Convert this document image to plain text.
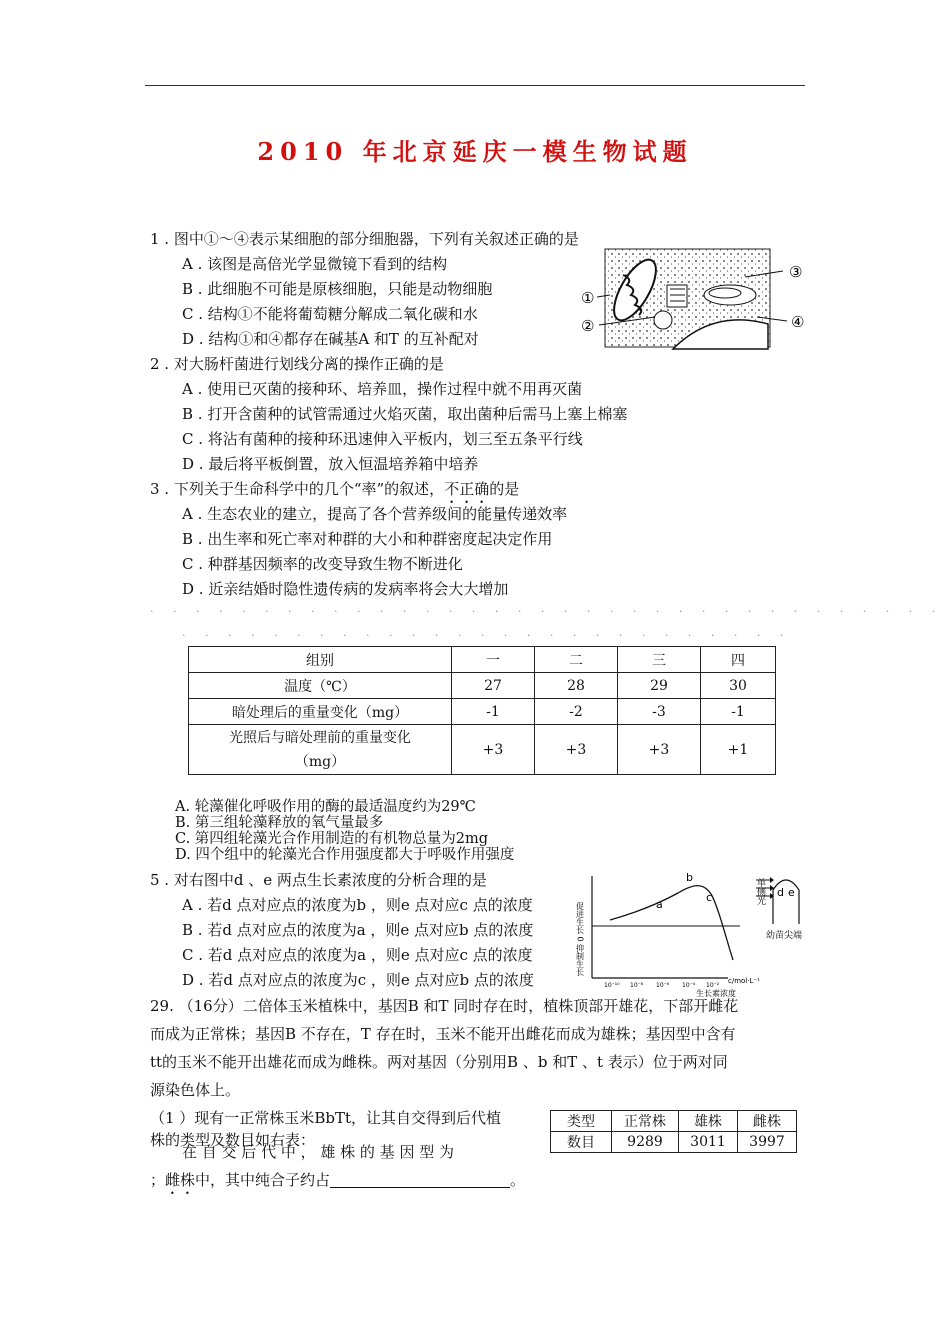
2010 年北京延庆一模生物试题
1 . 图中①～④表示某细胞的部分细胞器，下列有关叙述正确的是
A . 该图是高倍光学显微镜下看到的结构
B . 此细胞不可能是原核细胞，只能是动物细胞
C . 结构①不能将葡萄糖分解成二氧化碳和水
D . 结构①和④都存在碱基A 和T 的互补配对
①
②
③
④
2 . 对大肠杆菌进行划线分离的操作正确的是
A . 使用已灭菌的接种环、培养皿，操作过程中就不用再灭菌
B . 打开含菌种的试管需通过火焰灭菌，取出菌种后需马上塞上棉塞
C . 将沾有菌种的接种环迅速伸入平板内，划三至五条平行线
D . 最后将平板倒置，放入恒温培养箱中培养
3 . 下列关于生命科学中的几个“率”的叙述，不正确的是
A . 生态农业的建立，提高了各个营养级间的能量传递效率
B . 出生率和死亡率对种群的大小和种群密度起决定作用
C . 种群基因频率的改变导致生物不断进化
D . 近亲结婚时隐性遗传病的发病率将会大大增加
. . . . . . . . . . . . . . . . . . . . . . . . . . . . . . . . . . .
. . . . . . . . . . . . . . . . . . . . . . . . . . .
组别	一	二	三	四
温度（℃）	27	28	29	30
暗处理后的重量变化（mg）	-1	-2	-3	-1
光照后与暗处理前的重量变化（mg）	+3	+3	+3	+1
A. 轮藻催化呼吸作用的酶的最适温度约为29℃
B. 第三组轮藻释放的氧气量最多
C. 第四组轮藻光合作用制造的有机物总量为2mg
D. 四个组中的轮藻光合作用强度都大于呼吸作用强度
5 . 对右图中d 、e 两点生长素浓度的分析合理的是
A . 若d 点对应点的浓度为b ，则e 点对应c 点的浓度
B . 若d 点对应点的浓度为a ，则e 点对应b 点的浓度
C . 若d 点对应点的浓度为a ，则e 点对应c 点的浓度
D . 若d 点对应点的浓度为c ，则e 点对应b 点的浓度
a
b
c
促进生长 0 抑制生长
10⁻¹⁰ 10⁻⁸ 10⁻⁶ 10⁻⁴ 10⁻²
c/mol·L⁻¹
生长素浓度
单侧光 d e
幼苗尖端
29. （16分）二倍体玉米植株中，基因B 和T 同时存在时，植株顶部开雄花，下部开雌花
而成为正常株；基因B 不存在，T 存在时，玉米不能开出雌花而成为雄株；基因型中含有
tt的玉米不能开出雄花而成为雌株。两对基因（分别用B 、b 和T 、t 表示）位于两对同
源染色体上。
（1 ）现有一正常株玉米BbTt，让其自交得到后代植
株的类型及数目如右表：
在 自 交 后 代 中 ， 雄 株 的 基 因 型 为
；雌株中，其中纯合子约占	。
类型	正常株	雄株	雌株
数目	9289	3011	3997
